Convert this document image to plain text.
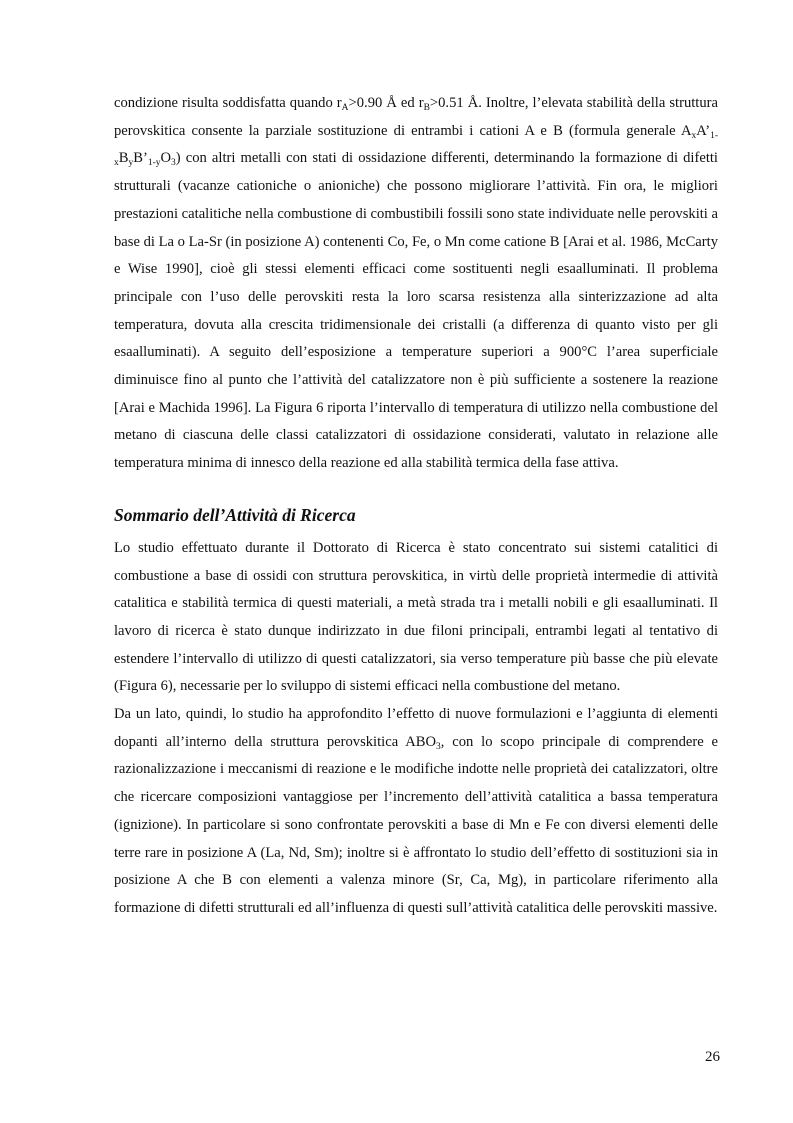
condizione risulta soddisfatta quando $r_A>0.90$ Å ed $r_B>0.51$ Å. Inoltre, l’elevata stabilità della struttura perovskitica consente la parziale sostituzione di entrambi i cationi A e B (formula generale $A_xA’_{1-x}B_yB’_{1-y}O_3$) con altri metalli con stati di ossidazione differenti, determinando la formazione di difetti strutturali (vacanze cationiche o anioniche) che possono migliorare l’attività. Fin ora, le migliori prestazioni catalitiche nella combustione di combustibili fossili sono state individuate nelle perovskiti a base di La o La-Sr (in posizione A) contenenti Co, Fe, o Mn come catione B [Arai et al. 1986, McCarty e Wise 1990], cioè gli stessi elementi efficaci come sostituenti negli esaalluminati. Il problema principale con l’uso delle perovskiti resta la loro scarsa resistenza alla sinterizzazione ad alta temperatura, dovuta alla crescita tridimensionale dei cristalli (a differenza di quanto visto per gli esaalluminati). A seguito dell’esposizione a temperature superiori a 900°C l’area superficiale diminuisce fino al punto che l’attività del catalizzatore non è più sufficiente a sostenere la reazione [Arai e Machida 1996]. La Figura 6 riporta l’intervallo di temperatura di utilizzo nella combustione del metano di ciascuna delle classi catalizzatori di ossidazione considerati, valutato in relazione alle temperatura minima di innesco della reazione ed alla stabilità termica della fase attiva.

Sommario dell’Attività di Ricerca

Lo studio effettuato durante il Dottorato di Ricerca è stato concentrato sui sistemi catalitici di combustione a base di ossidi con struttura perovskitica, in virtù delle proprietà intermedie di attività catalitica e stabilità termica di questi materiali, a metà strada tra i metalli nobili e gli esaalluminati. Il lavoro di ricerca è stato dunque indirizzato in due filoni principali, entrambi legati al tentativo di estendere l’intervallo di utilizzo di questi catalizzatori, sia verso temperature più basse che più elevate (Figura 6), necessarie per lo sviluppo di sistemi efficaci nella combustione del metano.

Da un lato, quindi, lo studio ha approfondito l’effetto di nuove formulazioni e l’aggiunta di elementi dopanti all’interno della struttura perovskitica $ABO_3$, con lo scopo principale di comprendere e razionalizzazione i meccanismi di reazione e le modifiche indotte nelle proprietà dei catalizzatori, oltre che ricercare composizioni vantaggiose per l’incremento dell’attività catalitica a bassa temperatura (ignizione). In particolare si sono confrontate perovskiti a base di Mn e Fe con diversi elementi delle terre rare in posizione A (La, Nd, Sm); inoltre si è affrontato lo studio dell’effetto di sostituzioni sia in posizione A che B con elementi a valenza minore (Sr, Ca, Mg), in particolare riferimento alla formazione di difetti strutturali ed all’influenza di questi sull’attività catalitica delle perovskiti massive.

26
